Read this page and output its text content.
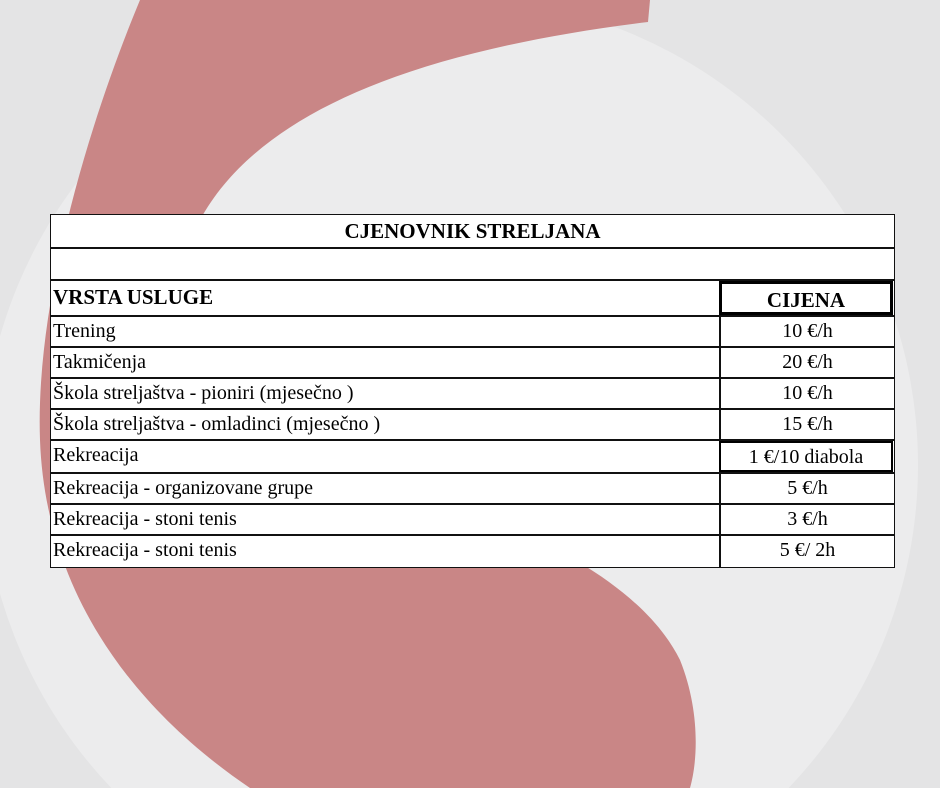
CJENOVNIK STRELJANA
VRSTA USLUGE	CIJENA
Trening	10 €/h
Takmičenja	20 €/h
Škola streljaštva - pioniri (mjesečno )	10 €/h
Škola streljaštva - omladinci (mjesečno )	15 €/h
Rekreacija	1 €/10 diabola
Rekreacija - organizovane grupe	5 €/h
Rekreacija - stoni tenis	3 €/h
Rekreacija - stoni tenis	5 €/ 2h
